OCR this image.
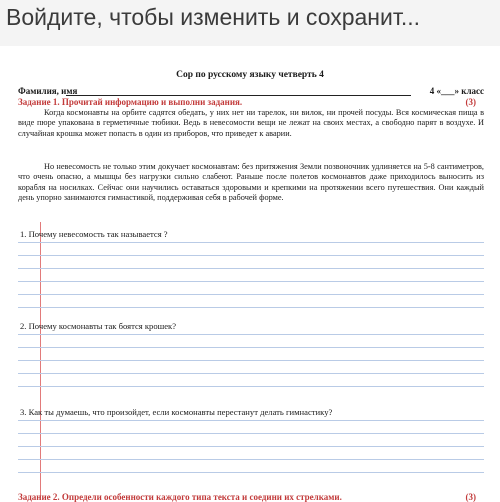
Войдите, чтобы изменить и сохранит...
Сор по русскому языку четверть 4
Фамилия, имя	4 «___» класс
Задание 1. Прочитай информацию и выполни задания.	(3)
Когда космонавты на орбите садятся обедать, у них нет ни тарелок, ни вилок, ни прочей посуды. Вся космическая пища в виде пюре упакована в герметичные тюбики. Ведь в невесомости вещи не лежат на своих местах, а свободно парят в воздухе. И случайная крошка может попасть в один из приборов, что приведет к аварии.
Но невесомость не только этим докучает космонавтам: без притяжения Земли позвоночник удлиняется на 5-8 сантиметров, что очень опасно, а мышцы без нагрузки сильно слабеют. Раньше после полетов космонавтов даже приходилось выносить из корабля на носилках. Сейчас они научились оставаться здоровыми и крепкими на протяжении всего путешествия. Они каждый день упорно занимаются гимнастикой, поддерживая себя в рабочей форме.
1. Почему невесомость так называется ?
2. Почему космонавты так боятся крошек?
3. Как ты думаешь, что произойдет, если космонавты перестанут делать гимнастику?
Задание 2. Определи особенности каждого типа текста и соедини их стрелками.	(3)
